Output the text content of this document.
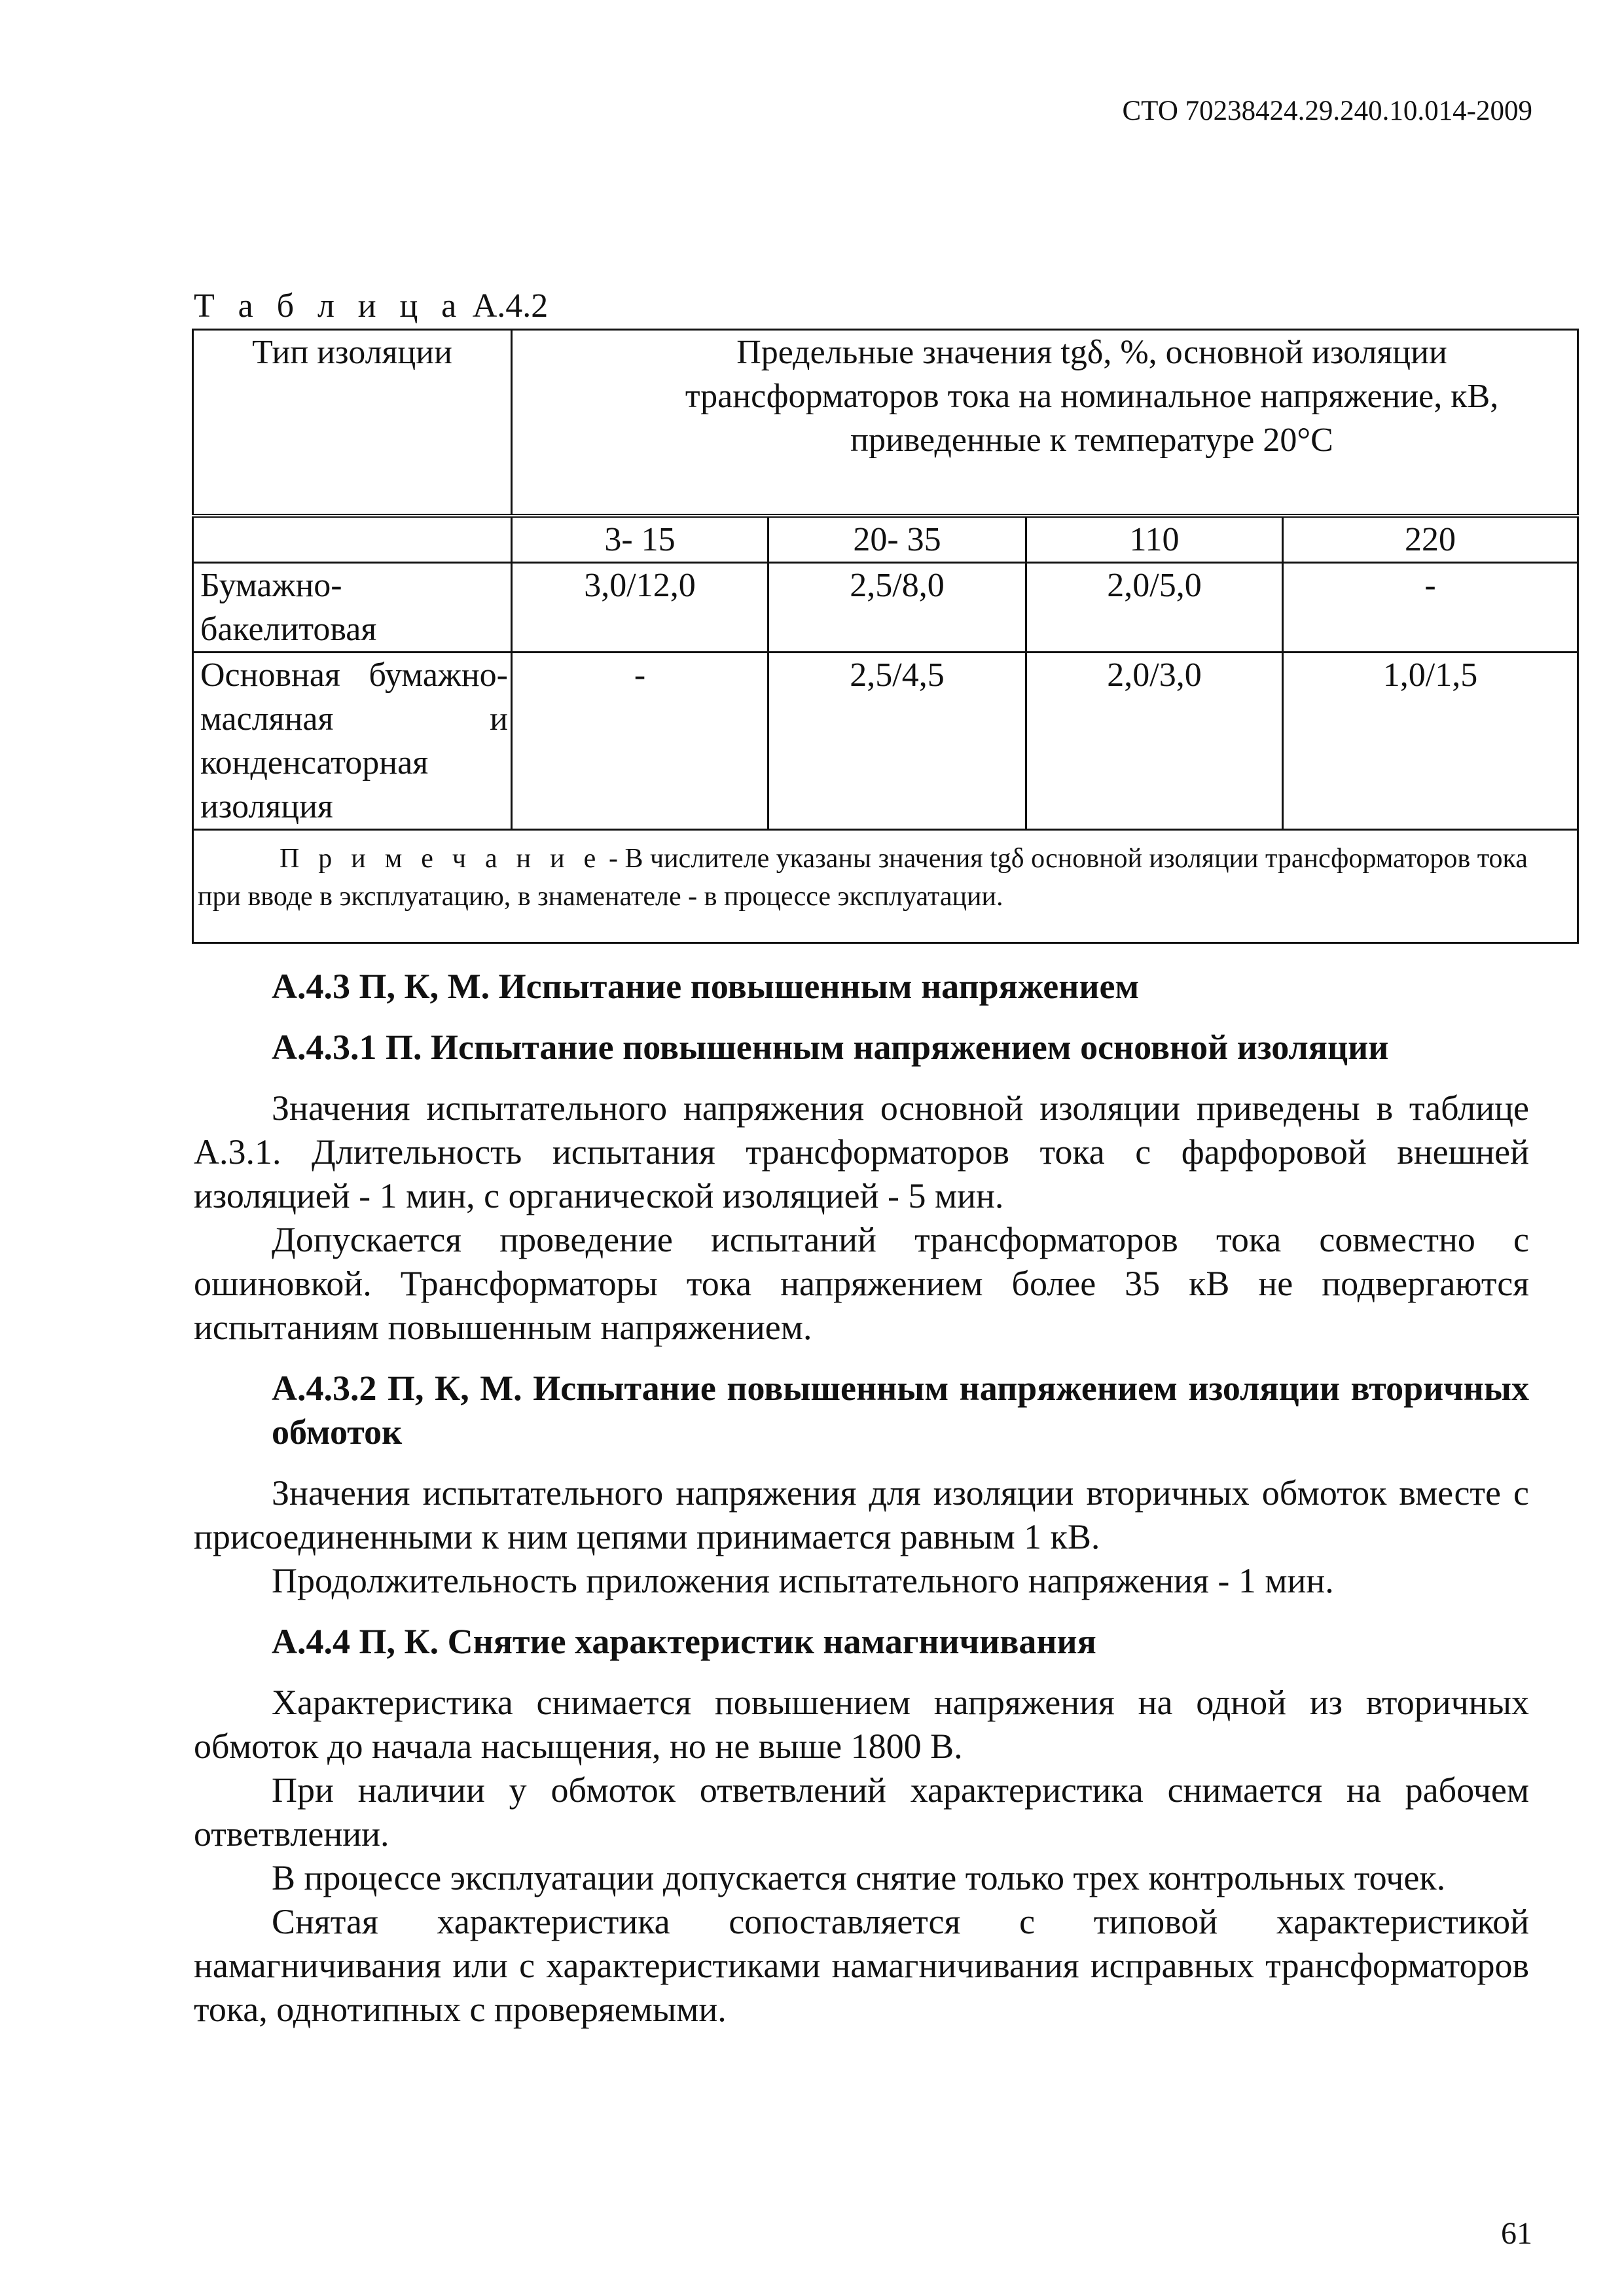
СТО 70238424.29.240.10.014-2009
Т а б л и ц а А.4.2
Тип изоляции	Предельные значения tgδ, %, основной изоляции трансформаторов тока на номинальное напряжение, кВ, приведенные к температуре 20°С			
	3- 15	20- 35	110	220
Бумажно-бакелитовая	3,0/12,0	2,5/8,0	2,0/5,0	-
Основная бумажно- масляная и конденсаторная изоляция	-	2,5/4,5	2,0/3,0	1,0/1,5
П р и м е ч а н и е - В числителе указаны значения tgδ основной изоляции трансформаторов тока при вводе в эксплуатацию, в знаменателе - в процессе эксплуатации.				
А.4.3 П, К, М. Испытание повышенным напряжением
А.4.3.1 П. Испытание повышенным напряжением основной изоляции

Значения испытательного напряжения основной изоляции приведены в таблице А.3.1. Длительность испытания трансформаторов тока с фарфоровой внешней изоляцией - 1 мин, с органической изоляцией - 5 мин.

Допускается проведение испытаний трансформаторов тока совместно с ошиновкой. Трансформаторы тока напряжением более 35 кВ не подвергаются испытаниям повышенным напряжением.

А.4.3.2 П, К, М. Испытание повышенным напряжением изоляции вторичных обмоток

Значения испытательного напряжения для изоляции вторичных обмоток вместе с присоединенными к ним цепями принимается равным 1 кВ.

Продолжительность приложения испытательного напряжения - 1 мин.

А.4.4 П, К. Снятие характеристик намагничивания

Характеристика снимается повышением напряжения на одной из вторичных обмоток до начала насыщения, но не выше 1800 В.

При наличии у обмоток ответвлений характеристика снимается на рабочем ответвлении.

В процессе эксплуатации допускается снятие только трех контрольных точек.

Снятая характеристика сопоставляется с типовой характеристикой намагничивания или с характеристиками намагничивания исправных трансформаторов тока, однотипных с проверяемыми.

61
